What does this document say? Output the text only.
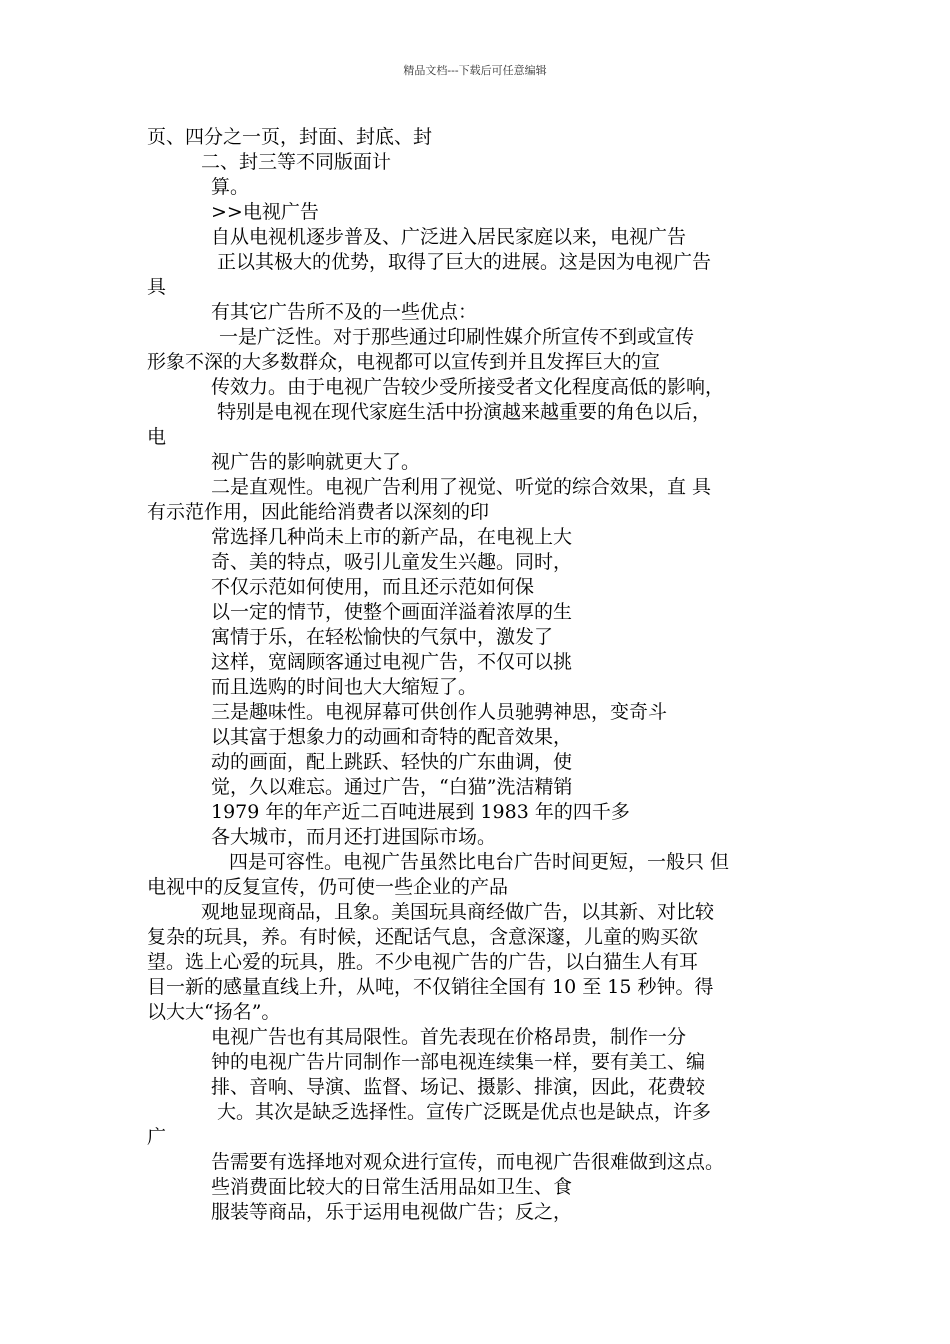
精品文档---下载后可任意编辑
页、四分之一页，封面、封底、封
二、封三等不同版面计
算。
>>电视广告
自从电视机逐步普及、广泛进入居民家庭以来，电视广告
正以其极大的优势，取得了巨大的进展。这是因为电视广告
具
有其它广告所不及的一些优点：
一是广泛性。对于那些通过印刷性媒介所宣传不到或宣传
形象不深的大多数群众，电视都可以宣传到并且发挥巨大的宣
传效力。由于电视广告较少受所接受者文化程度高低的影响，
特别是电视在现代家庭生活中扮演越来越重要的角色以后，
电
视广告的影响就更大了。
二是直观性。电视广告利用了视觉、听觉的综合效果，直 具
有示范作用，因此能给消费者以深刻的印
常选择几种尚未上市的新产品，在电视上大
奇、美的特点，吸引儿童发生兴趣。同时，
不仅示范如何使用，而且还示范如何保
以一定的情节，使整个画面洋溢着浓厚的生
寓情于乐，在轻松愉快的气氛中，激发了
这样，宽阔顾客通过电视广告，不仅可以挑
而且选购的时间也大大缩短了。
三是趣味性。电视屏幕可供创作人员驰骋神思，变奇斗
以其富于想象力的动画和奇特的配音效果，
动的画面，配上跳跃、轻快的广东曲调，使
觉，久以难忘。通过广告，“白猫”洗洁精销
1979 年的年产近二百吨进展到 1983 年的四千多
各大城市，而月还打进国际市场。
四是可容性。电视广告虽然比电台广告时间更短，一般只 但
电视中的反复宣传，仍可使一些企业的产品
观地显现商品，且象。美国玩具商经做广告，以其新、对比较
复杂的玩具，养。有时候，还配话气息，含意深邃，儿童的购买欲
望。选上心爱的玩具，胜。不少电视广告的广告，以白猫生人有耳
目一新的感量直线上升，从吨，不仅销往全国有 10 至 15 秒钟。得
以大大“扬名”。
电视广告也有其局限性。首先表现在价格昂贵，制作一分
钟的电视广告片同制作一部电视连续集一样，要有美工、编
排、音响、导演、监督、场记、摄影、排演，因此，花费较
大。其次是缺乏选择性。宣传广泛既是优点也是缺点，许多
广
告需要有选择地对观众进行宣传，而电视广告很难做到这点。
些消费面比较大的日常生活用品如卫生、食
服装等商品，乐于运用电视做广告；反之，
